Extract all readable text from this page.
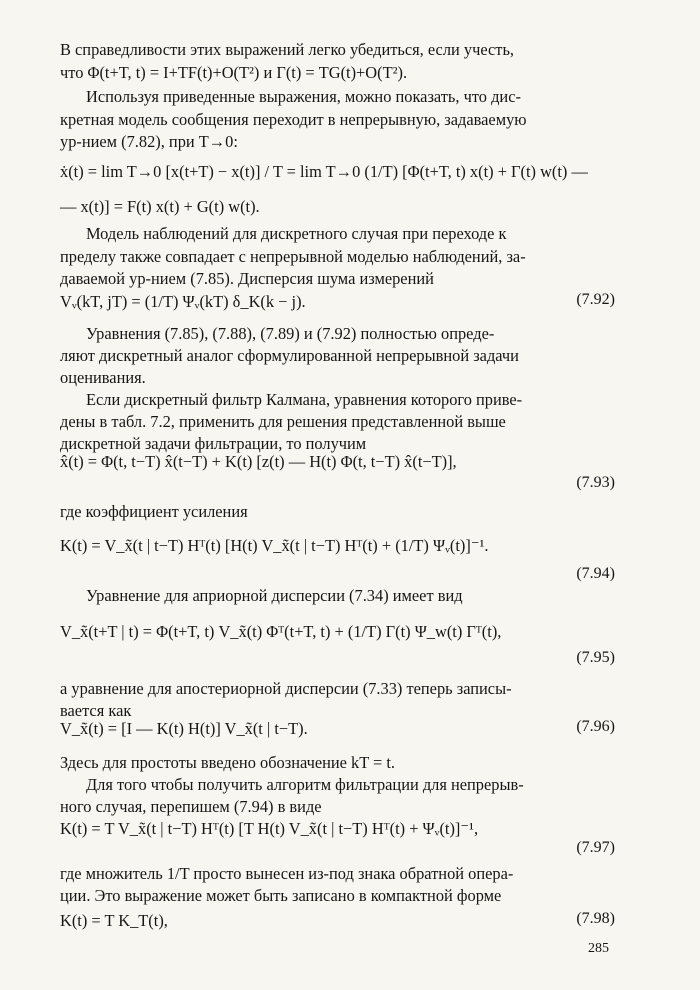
В справедливости этих выражений легко убедиться, если учесть,

что Φ(t+T, t) = I+TF(t)+O(T²) и Γ(t) = TG(t)+O(T²).

Используя приведенные выражения, можно показать, что дис-

кретная модель сообщения переходит в непрерывную, задаваемую

ур-нием (7.82), при T→0:

ẋ(t) = lim T→0 [x(t+T) − x(t)] / T = lim T→0 (1/T) [Φ(t+T, t) x(t) + Γ(t) w(t) —
— x(t)] = F(t) x(t) + G(t) w(t).

Модель наблюдений для дискретного случая при переходе к

пределу также совпадает с непрерывной моделью наблюдений, за-

даваемой ур-нием (7.85). Дисперсия шума измерений

Vᵥ(kT, jT) = (1/T) Ψᵥ(kT) δ_K(k − j).	(7.92)

Уравнения (7.85), (7.88), (7.89) и (7.92) полностью опреде-

ляют дискретный аналог сформулированной непрерывной задачи

оценивания.

Если дискретный фильтр Калмана, уравнения которого приве-

дены в табл. 7.2, применить для решения представленной выше

дискретной задачи фильтрации, то получим

x̂(t) = Φ(t, t−T) x̂(t−T) + K(t) [z(t) — H(t) Φ(t, t−T) x̂(t−T)],
(7.93)

где коэффициент усиления

K(t) = V_x̃(t | t−T) Hᵀ(t) [H(t) V_x̃(t | t−T) Hᵀ(t) + (1/T) Ψᵥ(t)]⁻¹.
(7.94)

Уравнение для априорной дисперсии (7.34) имеет вид

V_x̃(t+T | t) = Φ(t+T, t) V_x̃(t) Φᵀ(t+T, t) + (1/T) Γ(t) Ψ_w(t) Γᵀ(t),
(7.95)

а уравнение для апостериорной дисперсии (7.33) теперь записы-

вается как

V_x̃(t) = [I — K(t) H(t)] V_x̃(t | t−T).	(7.96)

Здесь для простоты введено обозначение kT = t.

Для того чтобы получить алгоритм фильтрации для непрерыв-

ного случая, перепишем (7.94) в виде

K(t) = T V_x̃(t | t−T) Hᵀ(t) [T H(t) V_x̃(t | t−T) Hᵀ(t) + Ψᵥ(t)]⁻¹,
(7.97)

где множитель 1/T просто вынесен из-под знака обратной опера-

ции. Это выражение может быть записано в компактной форме

K(t) = T K_T(t),	(7.98)
285
